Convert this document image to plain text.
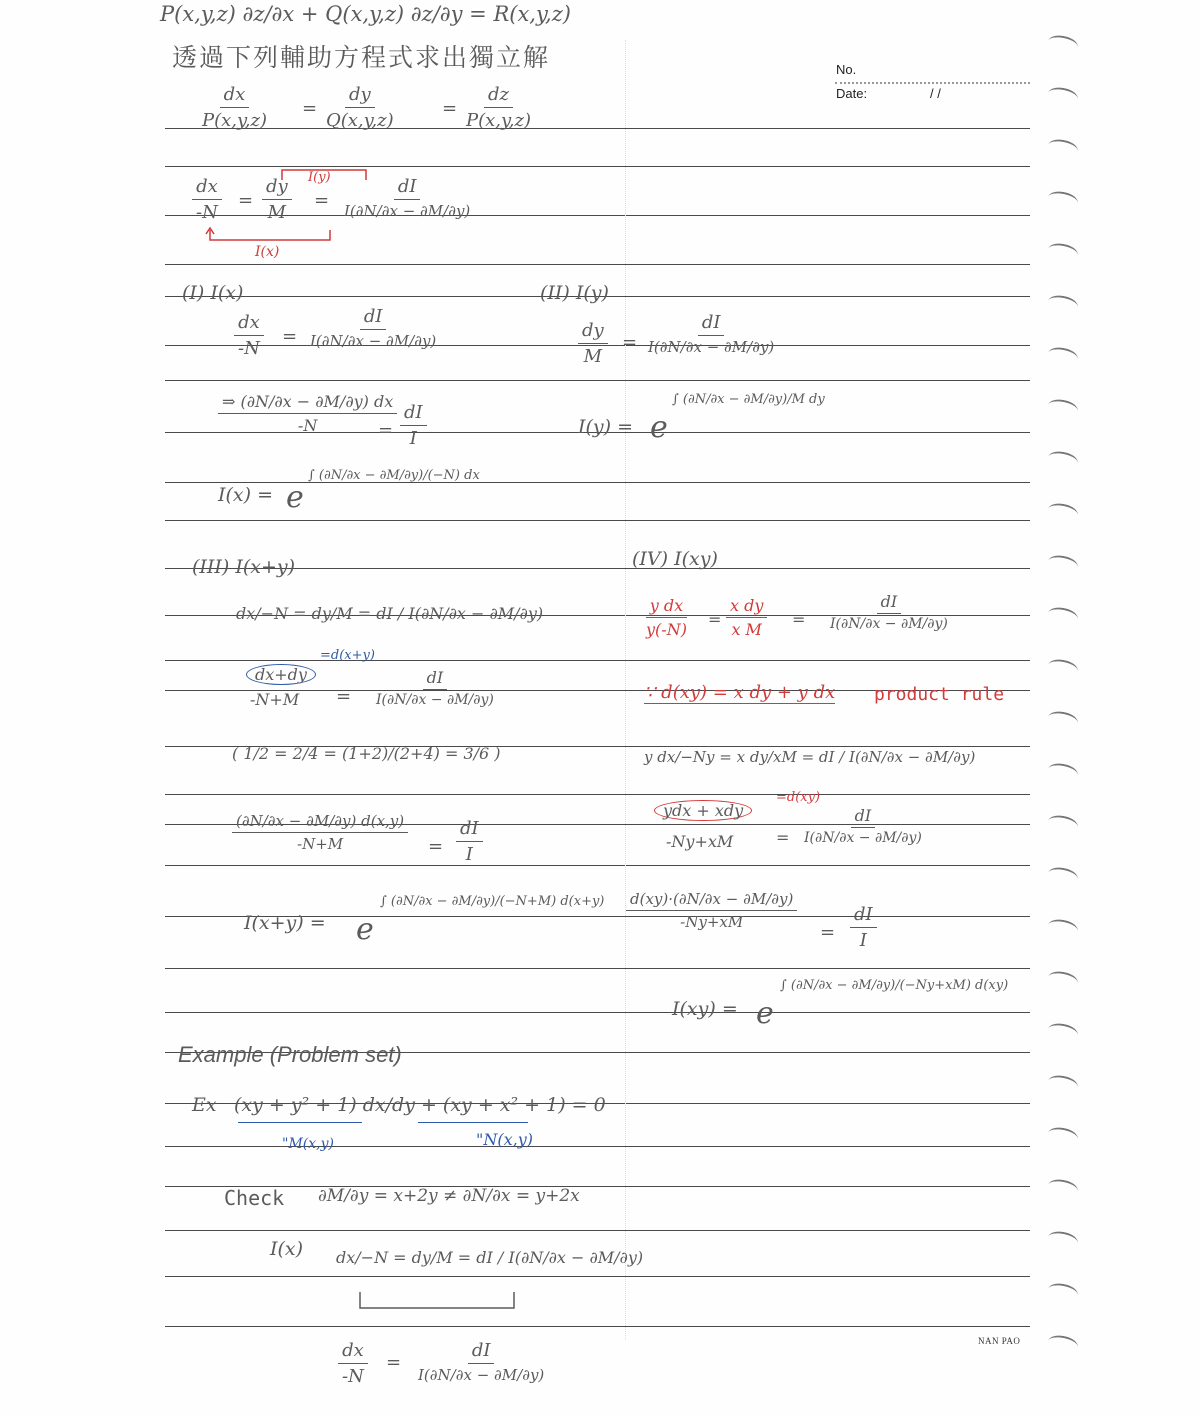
No.
Date:	/ /
NAN PAO
P(x,y,z) ∂z/∂x + Q(x,y,z) ∂z/∂y = R(x,y,z)
透過下列輔助方程式求出獨立解
$\frac{dx}{P(x,y,z)} = \frac{dy}{Q(x,y,z)} = \frac{dz}{P(x,y,z)}$
$\frac{dx}{-N} = \frac{dy}{M}$ =
dI
I(∂N/∂x − ∂M/∂y)
I(y)
I(x)
(I) I(x)
$\frac{dx}{-N}$ =
dI
I(∂N/∂x − ∂M/∂y)
$\frac{\Rightarrow (\partial N/\partial x - \partial M/\partial y) dx}{-N}$
= $\frac{dI}{I}$
I(x) = e
∫ (∂N/∂x − ∂M/∂y)/(−N) dx
(II) I(y)
$\frac{dy}{M}$ =
dI
I(∂N/∂x − ∂M/∂y)
I(y) = e
∫ (∂N/∂x − ∂M/∂y)/M dy
(III) I(x+y)
dx/−N = dy/M = dI / I(∂N/∂x − ∂M/∂y)
dx+dy
=d(x+y)
$-N+M = \frac{dI}{I(\partial N/\partial x - \partial M/\partial y)}$
( 1/2 = 2/4 = (1+2)/(2+4) = 3/6 )
$\frac{(\partial N/\partial x - \partial M/\partial y) d(x,y)}{-N+M} = \frac{dI}{I}$
I(x+y) = e
∫ (∂N/∂x − ∂M/∂y)/(−N+M) d(x+y)
(IV) I(xy)
$\frac{\text{y dx}}{y(-N)} = \frac{\text{x dy}}{\text{x M}} = \frac{dI}{I(\partial N/\partial x - \partial M/\partial y)}$
∵ d(xy) = x dy + y dx product rule
y dx/−Ny = x dy/xM = dI / I(∂N/∂x − ∂M/∂y)
ydx + xdy
=d(xy)
-Ny+xM	= $\frac{dI}{I(\partial N/\partial x - \partial M/\partial y)}$
$\frac{d(xy)\cdot(\partial N/\partial x - \partial M/\partial y)}{-Ny+xM}$
= $\frac{dI}{I}$
I(xy) = e
∫ (∂N/∂x − ∂M/∂y)/(−Ny+xM) d(xy)
Example (Problem set)
Ex (xy + y² + 1) dx/dy + (xy + x² + 1) = 0
"M(x,y)	"N(x,y)
Check ∂M/∂y = x+2y ≠ ∂N/∂x = y+2x
I(x) dx/−N = dy/M = dI / I(∂N/∂x − ∂M/∂y)
$\frac{dx}{-N}$ =
dI
I(∂N/∂x − ∂M/∂y)
